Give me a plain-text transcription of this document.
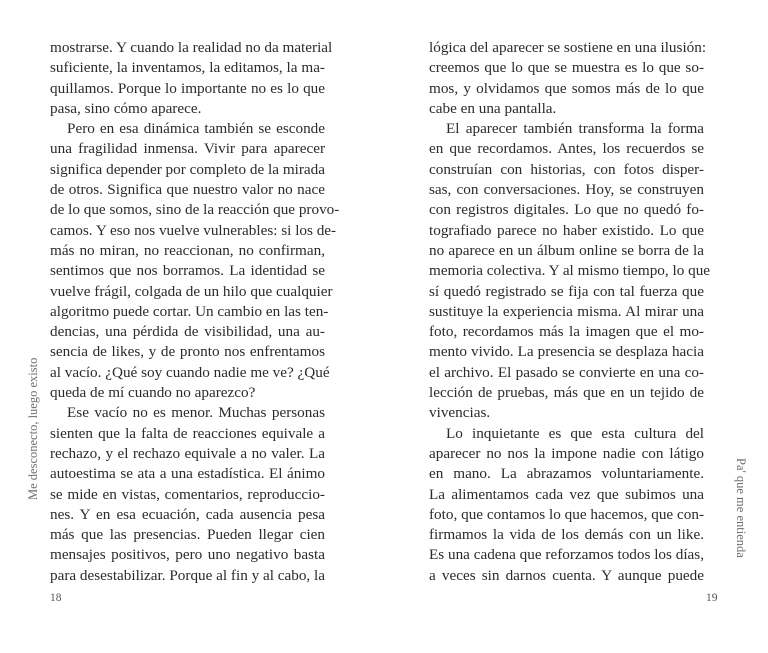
mostrarse. Y cuando la realidad no da material
suficiente, la inventamos, la editamos, la ma-
quillamos. Porque lo importante no es lo que
pasa, sino cómo aparece.
Pero en esa dinámica también se esconde
una fragilidad inmensa. Vivir para aparecer
significa depender por completo de la mirada
de otros. Significa que nuestro valor no nace
de lo que somos, sino de la reacción que provo-
camos. Y eso nos vuelve vulnerables: si los de-
más no miran, no reaccionan, no confirman,
sentimos que nos borramos. La identidad se
vuelve frágil, colgada de un hilo que cualquier
algoritmo puede cortar. Un cambio en las ten-
dencias, una pérdida de visibilidad, una au-
sencia de likes, y de pronto nos enfrentamos
al vacío. ¿Qué soy cuando nadie me ve? ¿Qué
queda de mí cuando no aparezco?
Ese vacío no es menor. Muchas personas
sienten que la falta de reacciones equivale a
rechazo, y el rechazo equivale a no valer. La
autoestima se ata a una estadística. El ánimo
se mide en vistas, comentarios, reproduccio-
nes. Y en esa ecuación, cada ausencia pesa
más que las presencias. Pueden llegar cien
mensajes positivos, pero uno negativo basta
para desestabilizar. Porque al fin y al cabo, la
Me desconecto, luego existo
18
lógica del aparecer se sostiene en una ilusión:
creemos que lo que se muestra es lo que so-
mos, y olvidamos que somos más de lo que
cabe en una pantalla.
El aparecer también transforma la forma
en que recordamos. Antes, los recuerdos se
construían con historias, con fotos disper-
sas, con conversaciones. Hoy, se construyen
con registros digitales. Lo que no quedó fo-
tografiado parece no haber existido. Lo que
no aparece en un álbum online se borra de la
memoria colectiva. Y al mismo tiempo, lo que
sí quedó registrado se fija con tal fuerza que
sustituye la experiencia misma. Al mirar una
foto, recordamos más la imagen que el mo-
mento vivido. La presencia se desplaza hacia
el archivo. El pasado se convierte en una co-
lección de pruebas, más que en un tejido de
vivencias.
Lo inquietante es que esta cultura del
aparecer no nos la impone nadie con látigo
en mano. La abrazamos voluntariamente.
La alimentamos cada vez que subimos una
foto, que contamos lo que hacemos, que con-
firmamos la vida de los demás con un like.
Es una cadena que reforzamos todos los días,
a veces sin darnos cuenta. Y aunque puede
Pa' que me entienda
19
